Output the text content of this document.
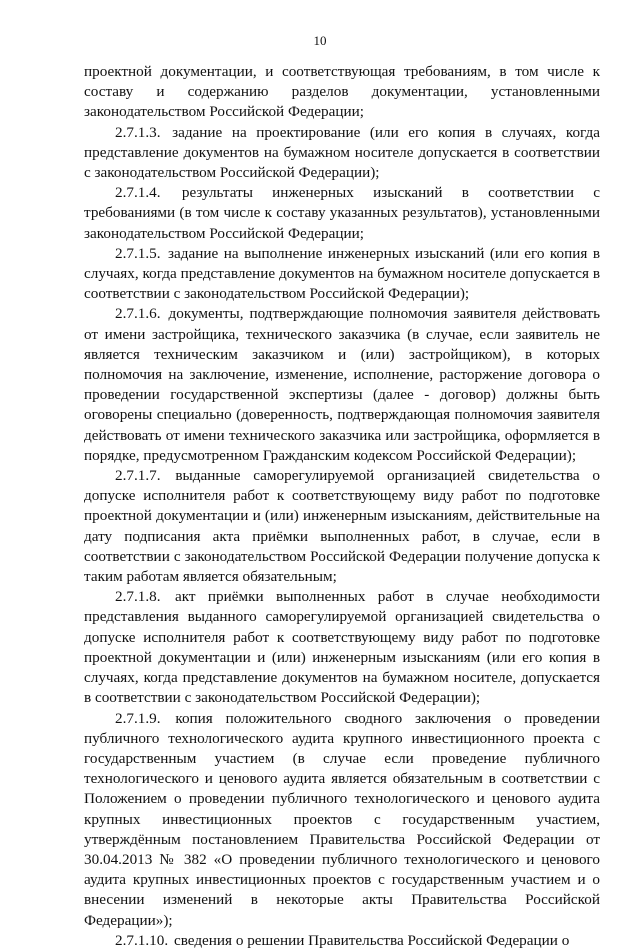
10

проектной документации, и соответствующая требованиям, в том числе к составу и содержанию разделов документации, установленными законодательством Российской Федерации;

2.7.1.3. задание на проектирование (или его копия в случаях, когда представление документов на бумажном носителе допускается в соответствии с законодательством Российской Федерации);

2.7.1.4. результаты инженерных изысканий в соответствии с требованиями (в том числе к составу указанных результатов), установленными законодательством Российской Федерации;

2.7.1.5. задание на выполнение инженерных изысканий (или его копия в случаях, когда представление документов на бумажном носителе допускается в соответствии с законодательством Российской Федерации);

2.7.1.6. документы, подтверждающие полномочия заявителя действовать от имени застройщика, технического заказчика (в случае, если заявитель не является техническим заказчиком и (или) застройщиком), в которых полномочия на заключение, изменение, исполнение, расторжение договора о проведении государственной экспертизы (далее - договор) должны быть оговорены специально (доверенность, подтверждающая полномочия заявителя действовать от имени технического заказчика или застройщика, оформляется в порядке, предусмотренном Гражданским кодексом Российской Федерации);

2.7.1.7. выданные саморегулируемой организацией свидетельства о допуске исполнителя работ к соответствующему виду работ по подготовке проектной документации и (или) инженерным изысканиям, действительные на дату подписания акта приёмки выполненных работ, в случае, если в соответствии с законодательством Российской Федерации получение допуска к таким работам является обязательным;

2.7.1.8. акт приёмки выполненных работ в случае необходимости представления выданного саморегулируемой организацией свидетельства о допуске исполнителя работ к соответствующему виду работ по подготовке проектной документации и (или) инженерным изысканиям (или его копия в случаях, когда представление документов на бумажном носителе, допускается в соответствии с законодательством Российской Федерации);

2.7.1.9. копия положительного сводного заключения о проведении публичного технологического аудита крупного инвестиционного проекта с государственным участием (в случае если проведение публичного технологического и ценового аудита является обязательным в соответствии с Положением о проведении публичного технологического и ценового аудита крупных инвестиционных проектов с государственным участием, утверждённым постановлением Правительства Российской Федерации от 30.04.2013 № 382 «О проведении публичного технологического и ценового аудита крупных инвестиционных проектов с государственным участием и о внесении изменений в некоторые акты Правительства Российской Федерации»);

2.7.1.10. сведения о решении Правительства Российской Федерации о
